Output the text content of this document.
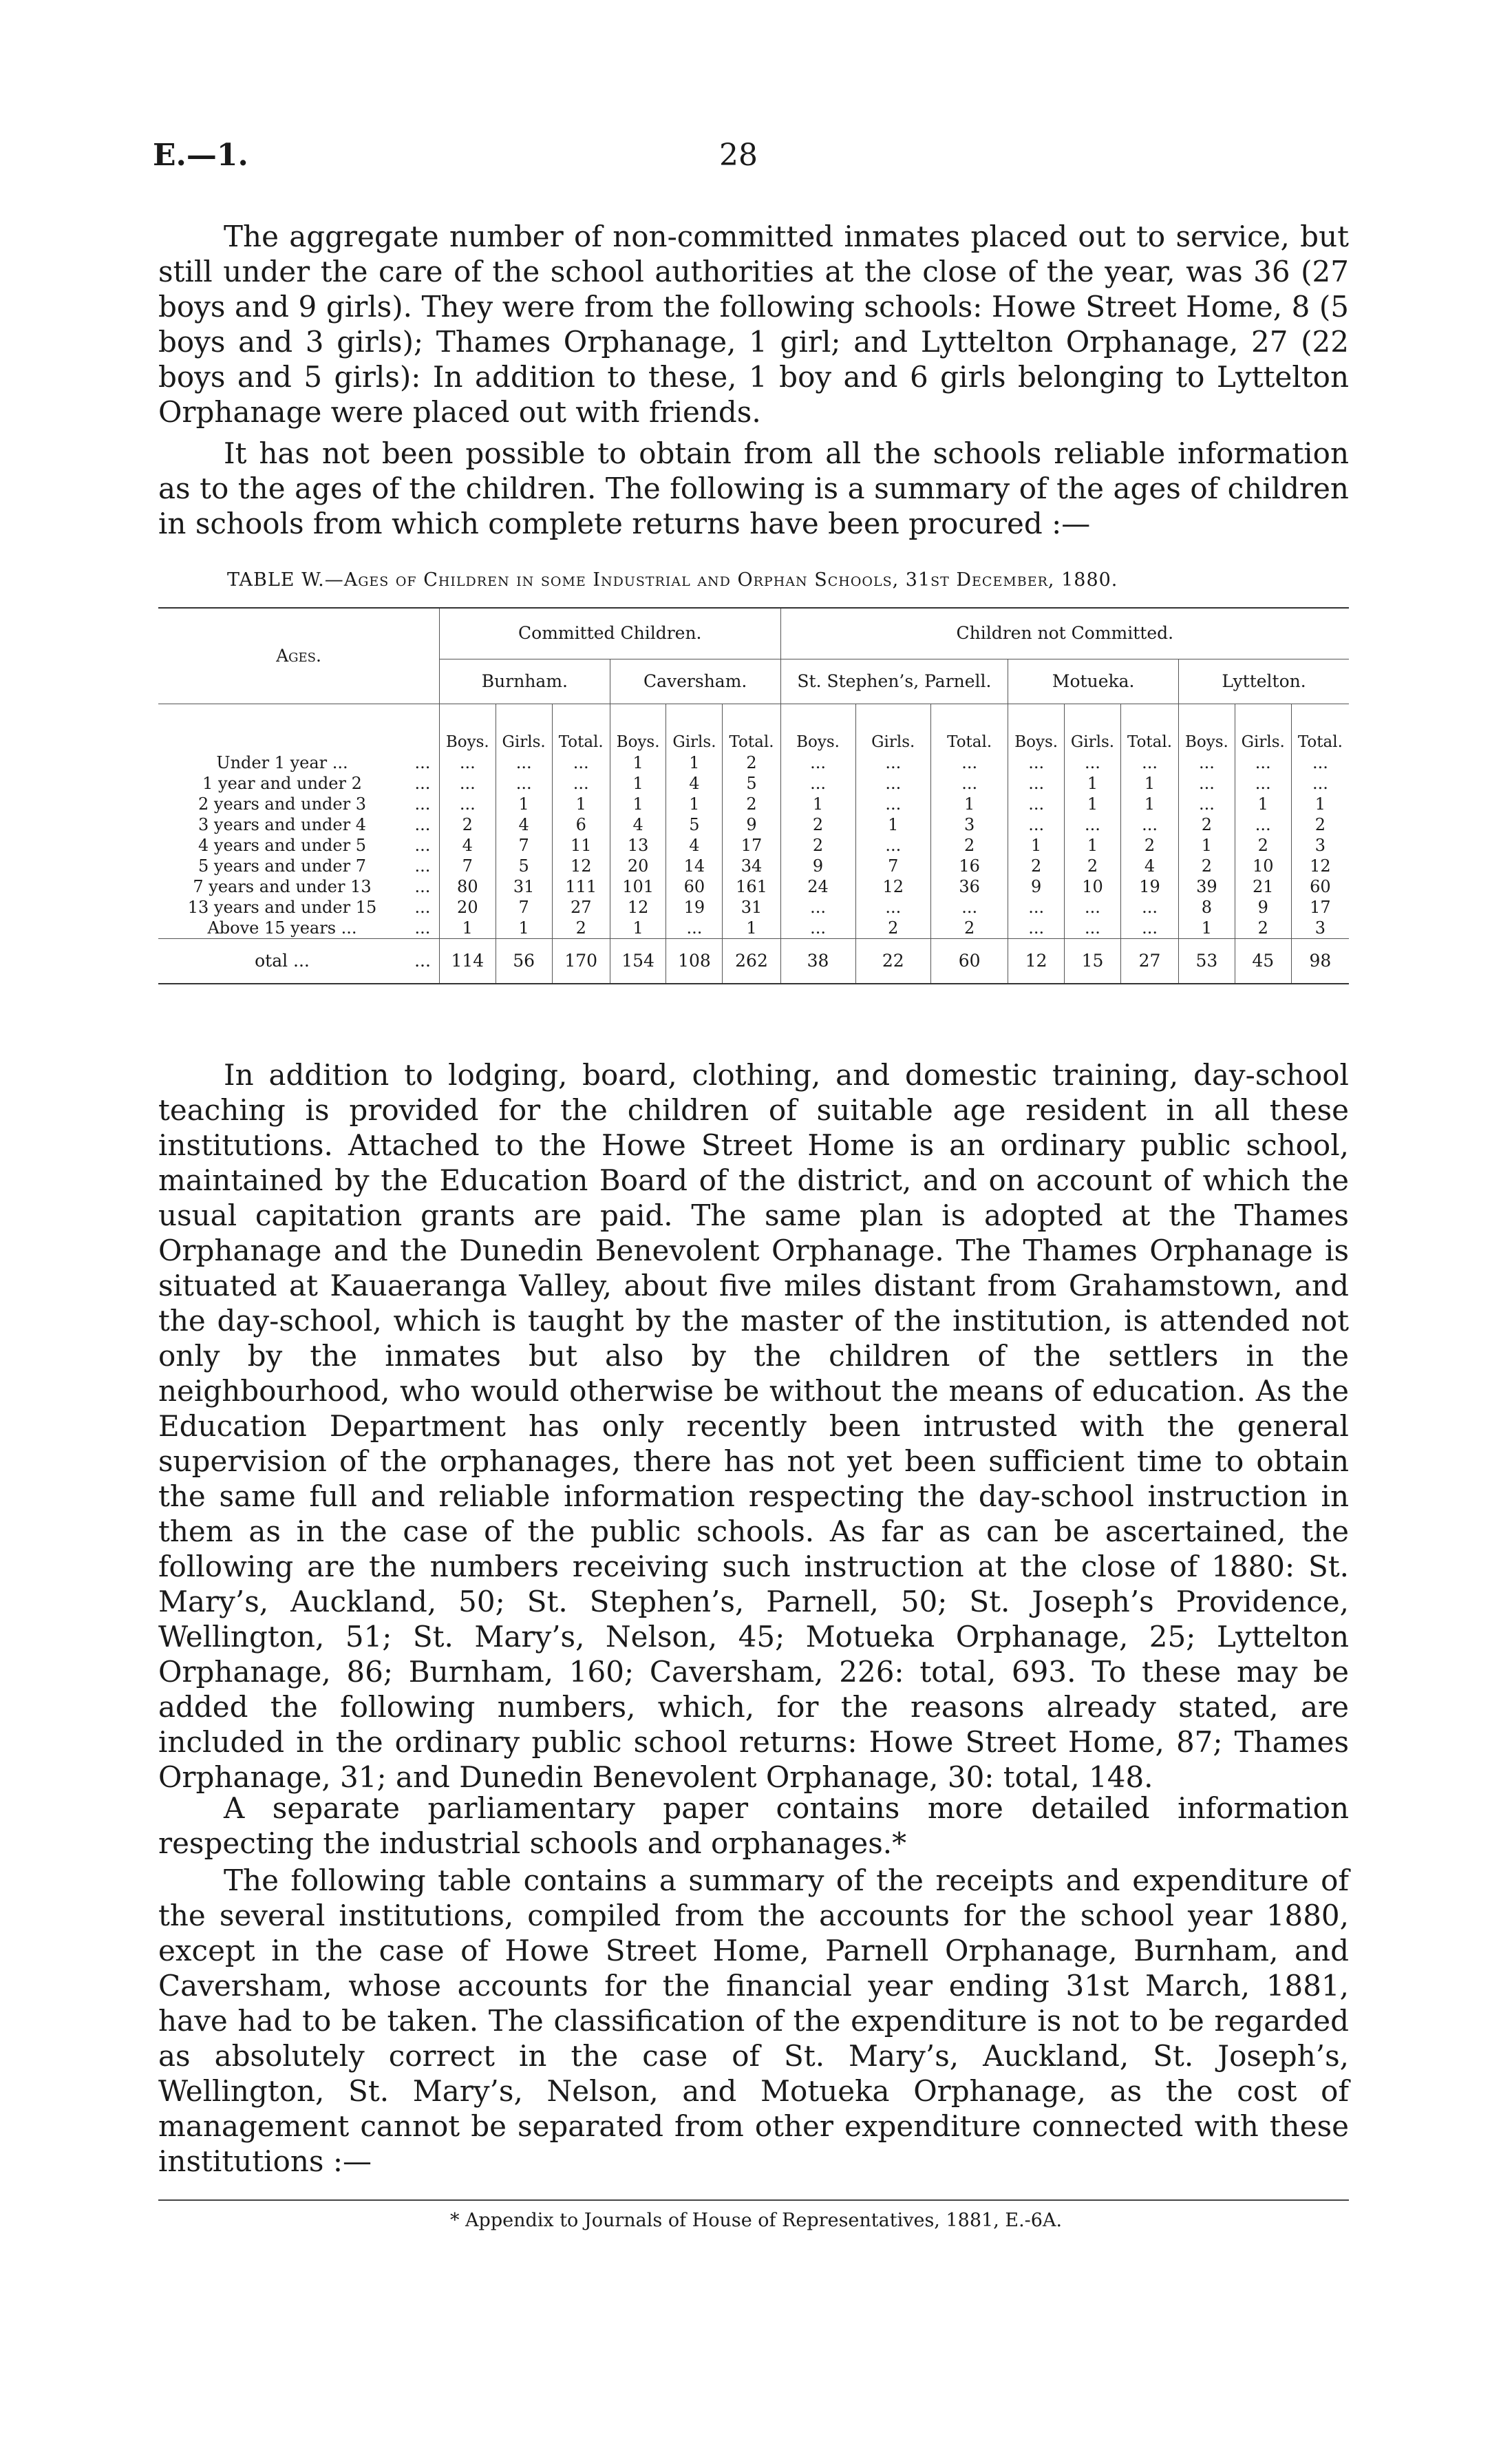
E.—1.	28

The aggregate number of non-committed inmates placed out to service, but still under the care of the school authorities at the close of the year, was 36 (27 boys and 9 girls). They were from the following schools: Howe Street Home, 8 (5 boys and 3 girls); Thames Orphanage, 1 girl; and Lyttelton Orphanage, 27 (22 boys and 5 girls): In addition to these, 1 boy and 6 girls belonging to Lyttelton Orphanage were placed out with friends.

It has not been possible to obtain from all the schools reliable information as to the ages of the children. The following is a summary of the ages of children in schools from which complete returns have been procured :—

TABLE W.—Ages of Children in some Industrial and Orphan Schools, 31st December, 1880.
Ages.		Committed Children.						Children not Committed.								
		Burnham.			Caversham.			St. Stephen’s, Parnell.			Motueka.			Lyttelton.		
		Boys.	Girls.	Total.	Boys.	Girls.	Total.	Boys.	Girls.	Total.	Boys.	Girls.	Total.	Boys.	Girls.	Total.
Under 1 year ...	...	...	...	...	1	1	2	...	...	...	...	...	...	...	...	...
1 year and under 2	...	...	...	...	1	4	5	...	...	...	...	1	1	...	...	...
2 years and under 3	...	...	1	1	1	1	2	1	...	1	...	1	1	...	1	1
3 years and under 4	...	2	4	6	4	5	9	2	1	3	...	...	...	2	...	2
4 years and under 5	...	4	7	11	13	4	17	2	...	2	1	1	2	1	2	3
5 years and under 7	...	7	5	12	20	14	34	9	7	16	2	2	4	2	10	12
7 years and under 13	...	80	31	111	101	60	161	24	12	36	9	10	19	39	21	60
13 years and under 15	...	20	7	27	12	19	31	...	...	...	...	...	...	8	9	17
Above 15 years ...	...	1	1	2	1	...	1	...	2	2	...	...	...	1	2	3
otal ...	...	114	56	170	154	108	262	38	22	60	12	15	27	53	45	98

In addition to lodging, board, clothing, and domestic training, day-school teaching is provided for the children of suitable age resident in all these institutions. Attached to the Howe Street Home is an ordinary public school, maintained by the Education Board of the district, and on account of which the usual capitation grants are paid. The same plan is adopted at the Thames Orphanage and the Dunedin Benevolent Orphanage. The Thames Orphanage is situated at Kauaeranga Valley, about five miles distant from Grahamstown, and the day-school, which is taught by the master of the institution, is attended not only by the inmates but also by the children of the settlers in the neighbourhood, who would otherwise be without the means of education. As the Education Department has only recently been intrusted with the general supervision of the orphanages, there has not yet been sufficient time to obtain the same full and reliable information respecting the day-school instruction in them as in the case of the public schools. As far as can be ascertained, the following are the numbers receiving such instruction at the close of 1880: St. Mary’s, Auckland, 50; St. Stephen’s, Parnell, 50; St. Joseph’s Providence, Wellington, 51; St. Mary’s, Nelson, 45; Motueka Orphanage, 25; Lyttelton Orphanage, 86; Burnham, 160; Caversham, 226: total, 693. To these may be added the following numbers, which, for the reasons already stated, are included in the ordinary public school returns: Howe Street Home, 87; Thames Orphanage, 31; and Dunedin Benevolent Orphanage, 30: total, 148.

A separate parliamentary paper contains more detailed information respecting the industrial schools and orphanages.*

The following table contains a summary of the receipts and expenditure of the several institutions, compiled from the accounts for the school year 1880, except in the case of Howe Street Home, Parnell Orphanage, Burnham, and Caversham, whose accounts for the financial year ending 31st March, 1881, have had to be taken. The classification of the expenditure is not to be regarded as absolutely correct in the case of St. Mary’s, Auckland, St. Joseph’s, Wellington, St. Mary’s, Nelson, and Motueka Orphanage, as the cost of management cannot be separated from other expenditure connected with these institutions :—

* Appendix to Journals of House of Representatives, 1881, E.-6A.
